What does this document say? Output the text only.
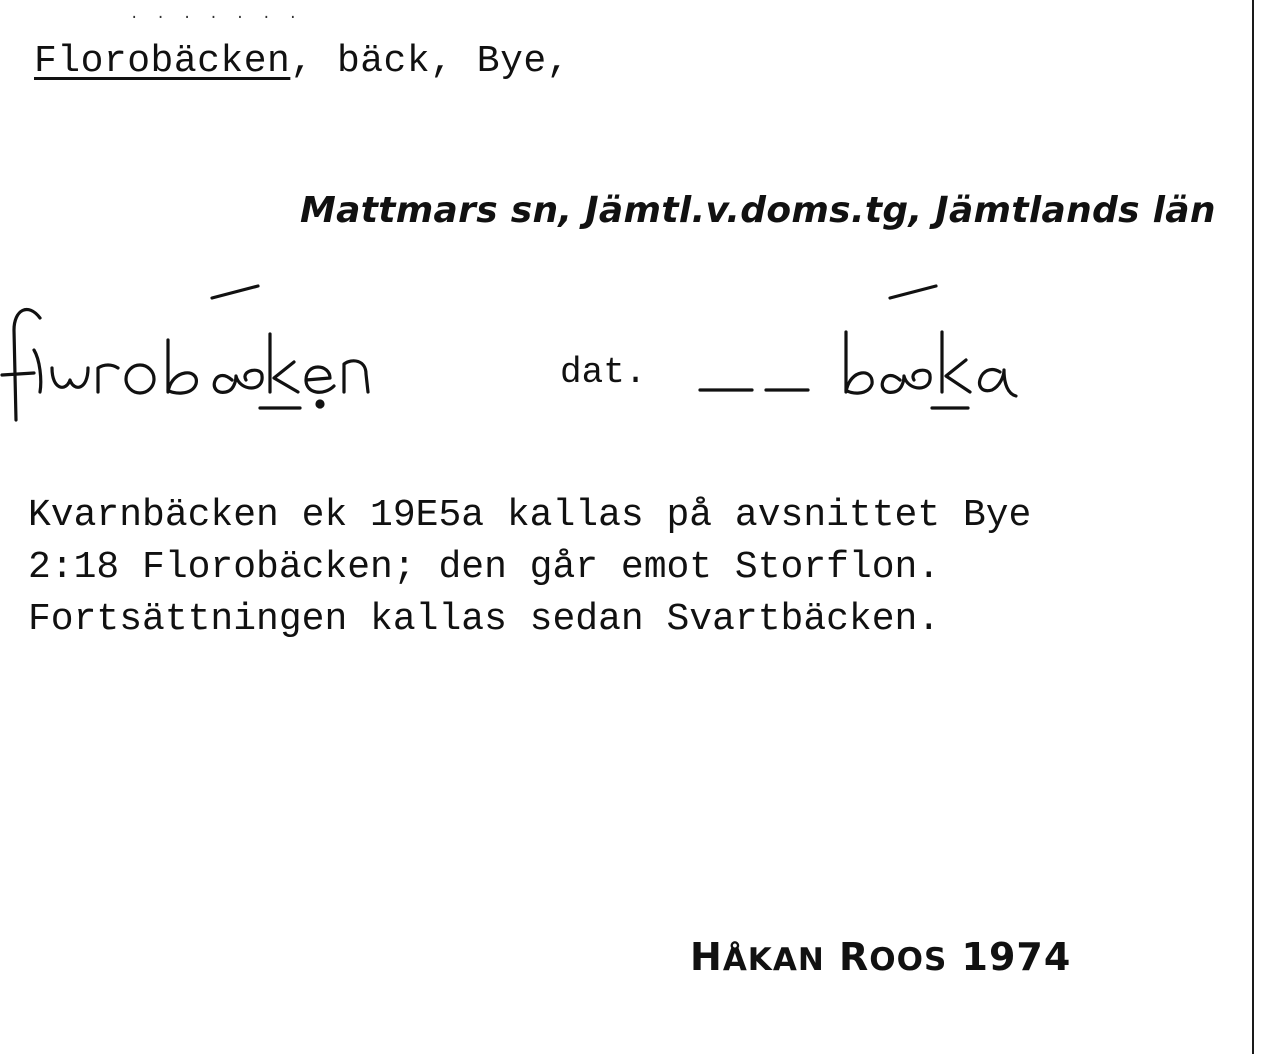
.......
Florobäcken, bäck, Bye,
Mattmars sn, Jämtl.v.doms.tg, Jämtlands län
dat.
Kvarnbäcken ek 19E5a kallas på avsnittet Bye
2:18 Florobäcken; den går emot Storflon.
Fortsättningen kallas sedan Svartbäcken.
HÅKAN ROOS 1974
